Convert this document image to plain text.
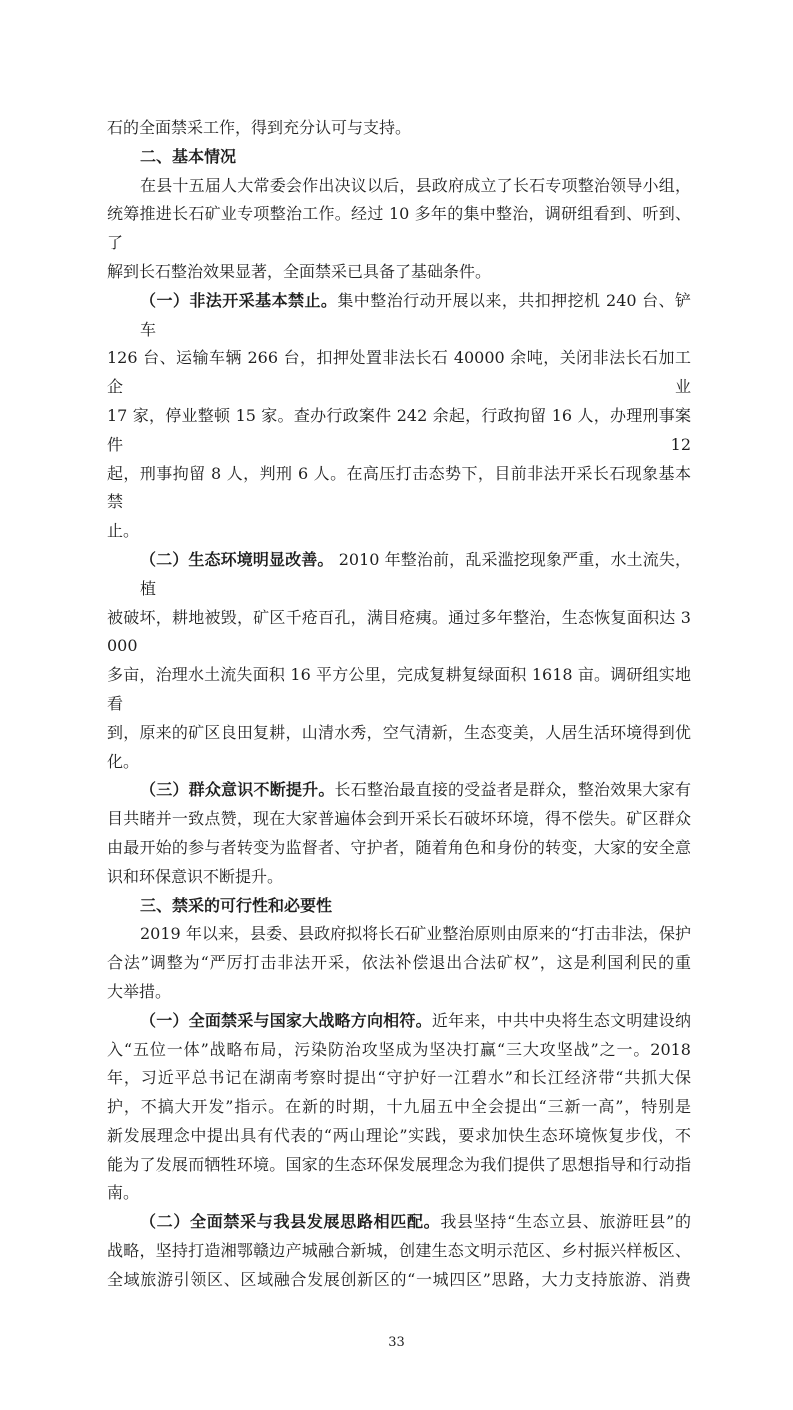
石的全面禁采工作，得到充分认可与支持。
二、基本情况
在县十五届人大常委会作出决议以后，县政府成立了长石专项整治领导小组，
统筹推进长石矿业专项整治工作。经过 10 多年的集中整治，调研组看到、听到、了
解到长石整治效果显著，全面禁采已具备了基础条件。
（一）非法开采基本禁止。集中整治行动开展以来，共扣押挖机 240 台、铲车
126 台、运输车辆 266 台，扣押处置非法长石 40000 余吨，关闭非法长石加工企业
17 家，停业整顿 15 家。查办行政案件 242 余起，行政拘留 16 人，办理刑事案件 12
起，刑事拘留 8 人，判刑 6 人。在高压打击态势下，目前非法开采长石现象基本禁
止。
（二）生态环境明显改善。 2010 年整治前，乱采滥挖现象严重，水土流失，植
被破坏，耕地被毁，矿区千疮百孔，满目疮痍。通过多年整治，生态恢复面积达 3000
多亩，治理水土流失面积 16 平方公里，完成复耕复绿面积 1618 亩。调研组实地看
到，原来的矿区良田复耕，山清水秀，空气清新，生态变美，人居生活环境得到优
化。
（三）群众意识不断提升。长石整治最直接的受益者是群众，整治效果大家有
目共睹并一致点赞，现在大家普遍体会到开采长石破坏环境，得不偿失。矿区群众
由最开始的参与者转变为监督者、守护者，随着角色和身份的转变，大家的安全意
识和环保意识不断提升。
三、禁采的可行性和必要性
2019 年以来，县委、县政府拟将长石矿业整治原则由原来的“打击非法，保护
合法”调整为“严厉打击非法开采，依法补偿退出合法矿权”，这是利国利民的重
大举措。
（一）全面禁采与国家大战略方向相符。近年来，中共中央将生态文明建设纳
入“五位一体”战略布局，污染防治攻坚成为坚决打赢“三大攻坚战”之一。2018
年，习近平总书记在湖南考察时提出“守护好一江碧水”和长江经济带“共抓大保
护，不搞大开发”指示。在新的时期，十九届五中全会提出“三新一高”，特别是
新发展理念中提出具有代表的“两山理论”实践，要求加快生态环境恢复步伐，不
能为了发展而牺牲环境。国家的生态环保发展理念为我们提供了思想指导和行动指
南。
（二）全面禁采与我县发展思路相匹配。我县坚持“生态立县、旅游旺县”的
战略，坚持打造湘鄂赣边产城融合新城，创建生态文明示范区、乡村振兴样板区、
全域旅游引领区、区域融合发展创新区的“一城四区”思路，大力支持旅游、消费
33
